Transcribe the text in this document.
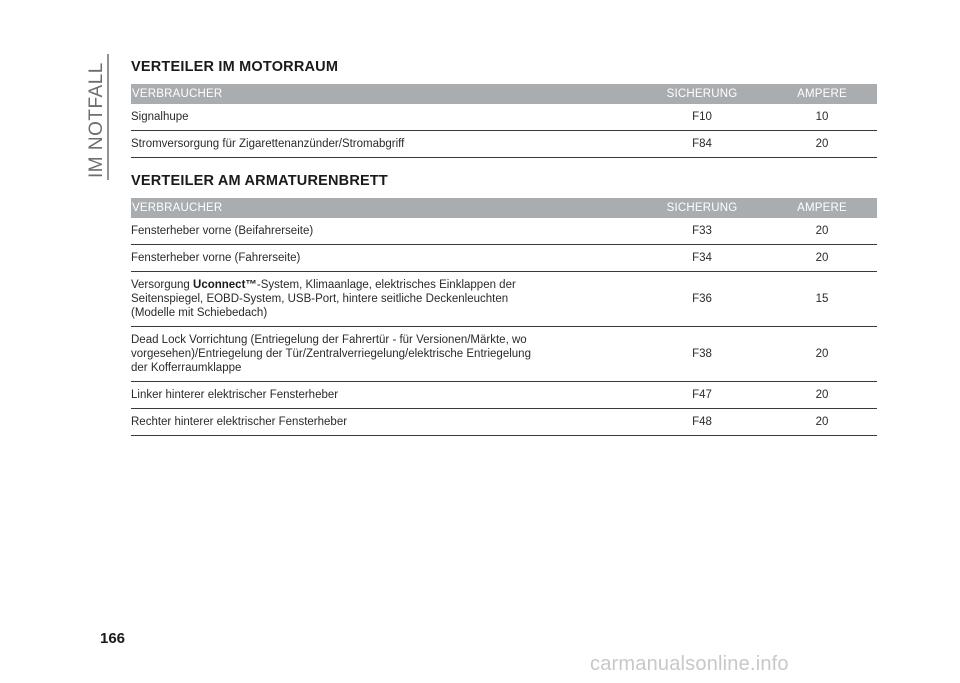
IM NOTFALL VERTEILER IM MOTORRAUM
VERBRAUCHER	SICHERUNG	AMPERE
Signalhupe	F10	10
Stromversorgung für Zigarettenanzünder/Stromabgriff	F84	20
VERTEILER AM ARMATURENBRETT
VERBRAUCHER	SICHERUNG	AMPERE
Fensterheber vorne (Beifahrerseite)	F33	20
Fensterheber vorne (Fahrerseite)	F34	20
Versorgung Uconnect™-System, Klimaanlage, elektrisches Einklappen der Seitenspiegel, EOBD-System, USB-Port, hintere seitliche Deckenleuchten (Modelle mit Schiebedach)	F36	15
Dead Lock Vorrichtung (Entriegelung der Fahrertür - für Versionen/Märkte, wo vorgesehen)/Entriegelung der Tür/Zentralverriegelung/elektrische Entriegelung der Kofferraumklappe	F38	20
Linker hinterer elektrischer Fensterheber	F47	20
Rechter hinterer elektrischer Fensterheber	F48	20
166
carmanualsonline.info
